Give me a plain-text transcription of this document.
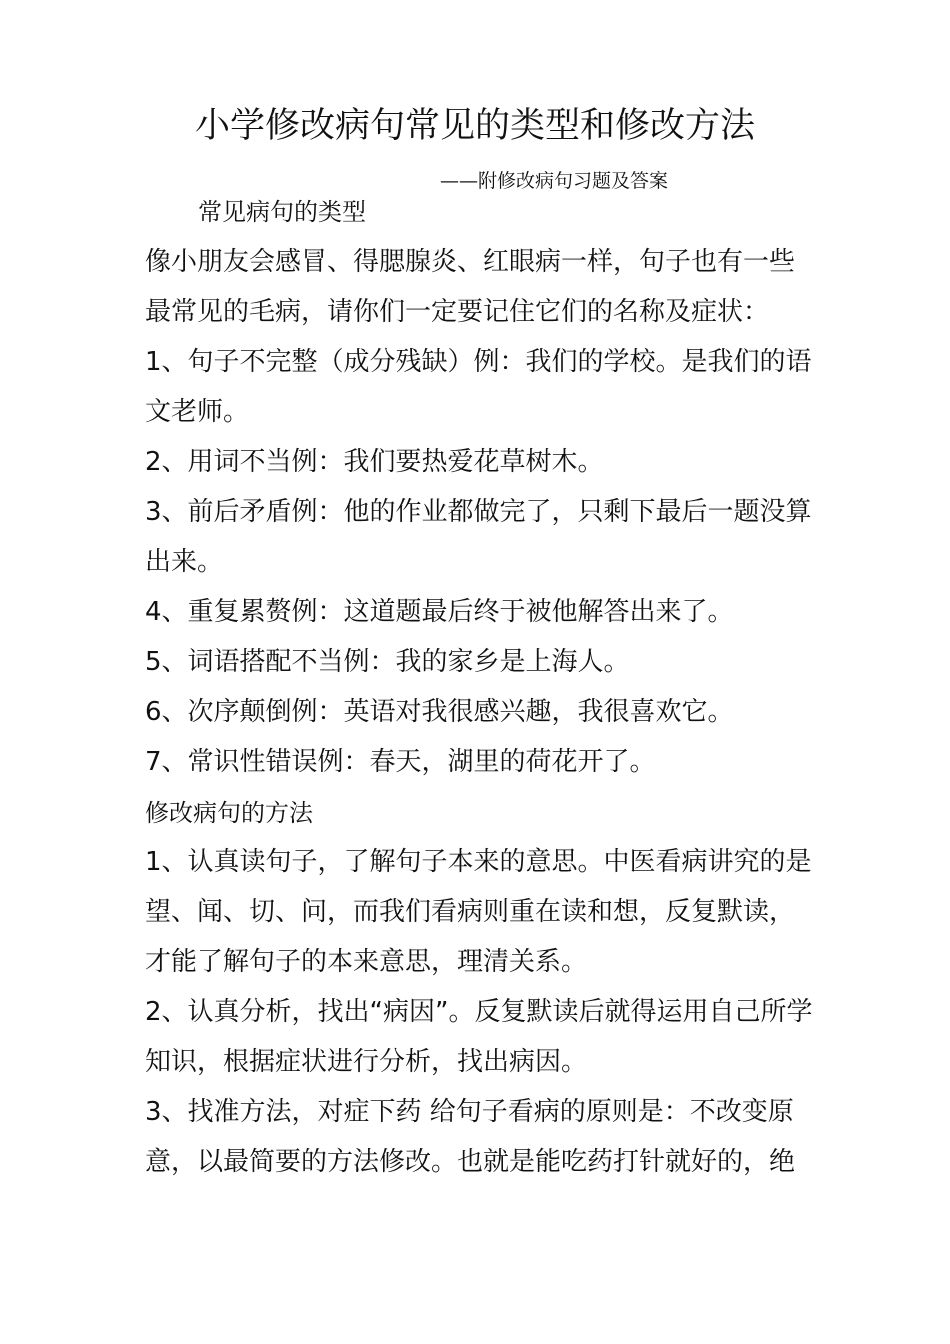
小学修改病句常见的类型和修改方法
——附修改病句习题及答案
常见病句的类型
像小朋友会感冒、得腮腺炎、红眼病一样，句子也有一些
最常见的毛病，请你们一定要记住它们的名称及症状：
1、句子不完整（成分残缺）例：我们的学校。是我们的语
文老师。
2、用词不当例：我们要热爱花草树木。
3、前后矛盾例：他的作业都做完了，只剩下最后一题没算
出来。
4、重复累赘例：这道题最后终于被他解答出来了。
5、词语搭配不当例：我的家乡是上海人。
6、次序颠倒例：英语对我很感兴趣，我很喜欢它。
7、常识性错误例：春天，湖里的荷花开了。
修改病句的方法
1、认真读句子，了解句子本来的意思。中医看病讲究的是
望、闻、切、问，而我们看病则重在读和想，反复默读，
才能了解句子的本来意思，理清关系。
2、认真分析，找出“病因”。反复默读后就得运用自己所学
知识，根据症状进行分析，找出病因。
3、找准方法，对症下药 给句子看病的原则是：不改变原
意，以最简要的方法修改。也就是能吃药打针就好的，绝
